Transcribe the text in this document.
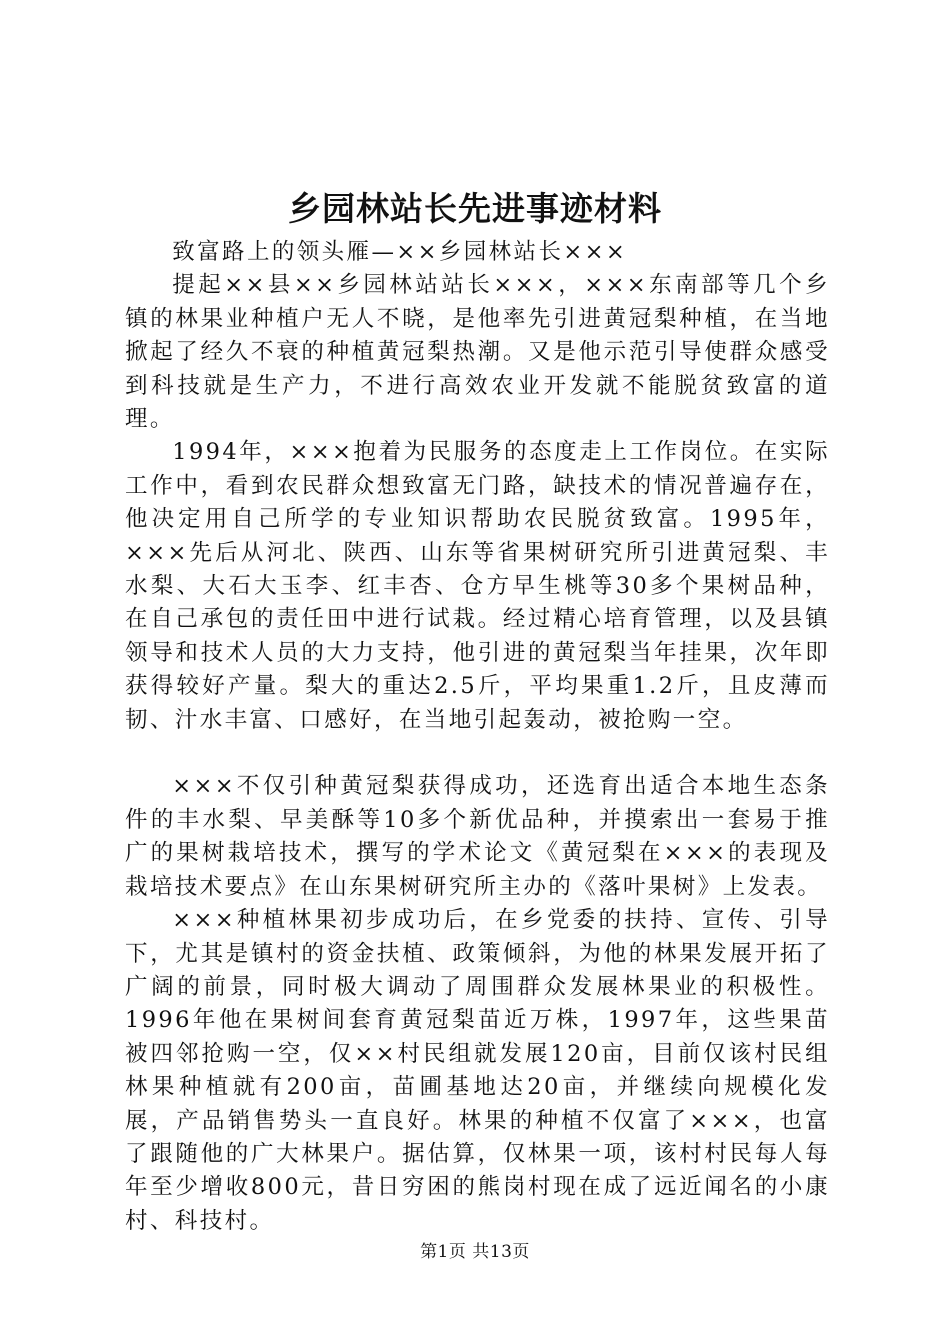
乡园林站长先进事迹材料

致富路上的领头雁—××乡园林站长×××

提起××县××乡园林站站长×××，×××东南部等几个乡镇的林果业种植户无人不晓，是他率先引进黄冠梨种植，在当地掀起了经久不衰的种植黄冠梨热潮。又是他示范引导使群众感受到科技就是生产力，不进行高效农业开发就不能脱贫致富的道理。

1994年，×××抱着为民服务的态度走上工作岗位。在实际工作中，看到农民群众想致富无门路，缺技术的情况普遍存在，他决定用自己所学的专业知识帮助农民脱贫致富。1995年，×××先后从河北、陕西、山东等省果树研究所引进黄冠梨、丰水梨、大石大玉李、红丰杏、仓方早生桃等30多个果树品种，在自己承包的责任田中进行试栽。经过精心培育管理，以及县镇领导和技术人员的大力支持，他引进的黄冠梨当年挂果，次年即获得较好产量。梨大的重达2.5斤，平均果重1.2斤，且皮薄而韧、汁水丰富、口感好，在当地引起轰动，被抢购一空。

×××不仅引种黄冠梨获得成功，还选育出适合本地生态条件的丰水梨、早美酥等10多个新优品种，并摸索出一套易于推广的果树栽培技术，撰写的学术论文《黄冠梨在×××的表现及栽培技术要点》在山东果树研究所主办的《落叶果树》上发表。

×××种植林果初步成功后，在乡党委的扶持、宣传、引导下，尤其是镇村的资金扶植、政策倾斜，为他的林果发展开拓了广阔的前景，同时极大调动了周围群众发展林果业的积极性。1996年他在果树间套育黄冠梨苗近万株，1997年，这些果苗被四邻抢购一空，仅××村民组就发展120亩，目前仅该村民组林果种植就有200亩，苗圃基地达20亩，并继续向规模化发展，产品销售势头一直良好。林果的种植不仅富了×××，也富了跟随他的广大林果户。据估算，仅林果一项，该村村民每人每年至少增收800元，昔日穷困的熊岗村现在成了远近闻名的小康村、科技村。

第1页 共13页
